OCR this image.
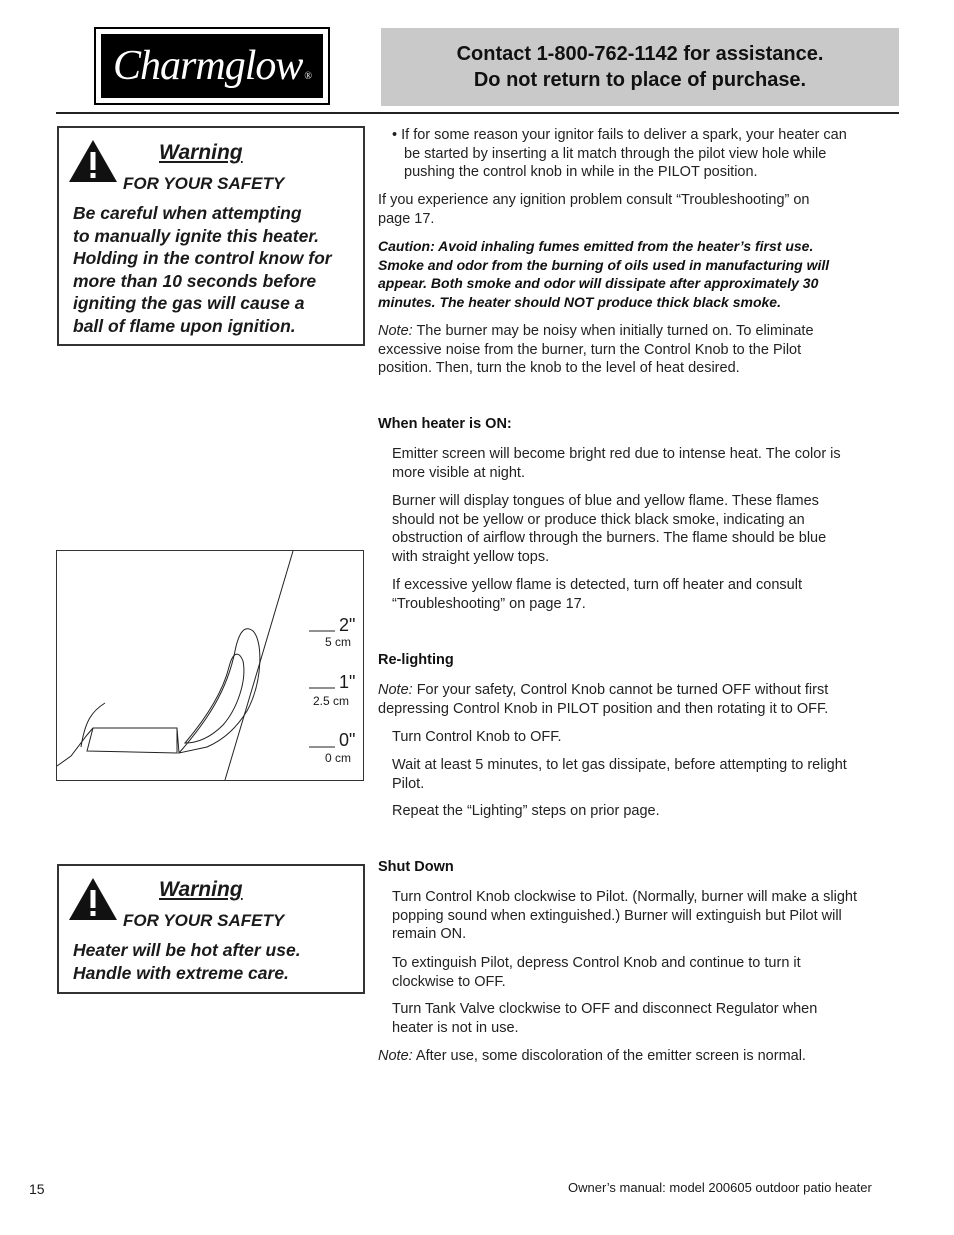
Charmglow ®
Contact 1-800-762-1142 for assistance.
Do not return to place of purchase.
Warning
FOR YOUR SAFETY
Be careful when attempting
to manually ignite this heater.
Holding in the control know for
more than 10 seconds before
igniting the gas will cause a
ball of flame upon ignition.
2"
5 cm
1"
2.5 cm
0"
0 cm
Warning
FOR YOUR SAFETY
Heater will be hot after use.
Handle with extreme care.
• If for some reason your ignitor fails to deliver a spark, your heater can
be started by inserting a lit match through the pilot view hole while
pushing the control knob in while in the PILOT position.
If you experience any ignition problem consult “Troubleshooting” on
page 17.
Caution: Avoid inhaling fumes emitted from the heater’s first use.
Smoke and odor from the burning of oils used in manufacturing will
appear. Both smoke and odor will dissipate after approximately 30
minutes. The heater should NOT produce thick black smoke.
Note: The burner may be noisy when initially turned on. To eliminate
excessive noise from the burner, turn the Control Knob to the Pilot
position. Then, turn the knob to the level of heat desired.
When heater is ON:
Emitter screen will become bright red due to intense heat. The color is
more visible at night.
Burner will display tongues of blue and yellow flame. These flames
should not be yellow or produce thick black smoke, indicating an
obstruction of airflow through the burners. The flame should be blue
with straight yellow tops.
If excessive yellow flame is detected, turn off heater and consult
“Troubleshooting” on page 17.
Re-lighting
Note: For your safety, Control Knob cannot be turned OFF without first
depressing Control Knob in PILOT position and then rotating it to OFF.
Turn Control Knob to OFF.
Wait at least 5 minutes, to let gas dissipate, before attempting to relight
Pilot.
Repeat the “Lighting” steps on prior page.
Shut Down
Turn Control Knob clockwise to Pilot. (Normally, burner will make a slight
popping sound when extinguished.) Burner will extinguish but Pilot will
remain ON.
To extinguish Pilot, depress Control Knob and continue to turn it
clockwise to OFF.
Turn Tank Valve clockwise to OFF and disconnect Regulator when
heater is not in use.
Note: After use, some discoloration of the emitter screen is normal.
15	Owner’s manual: model 200605 outdoor patio heater
